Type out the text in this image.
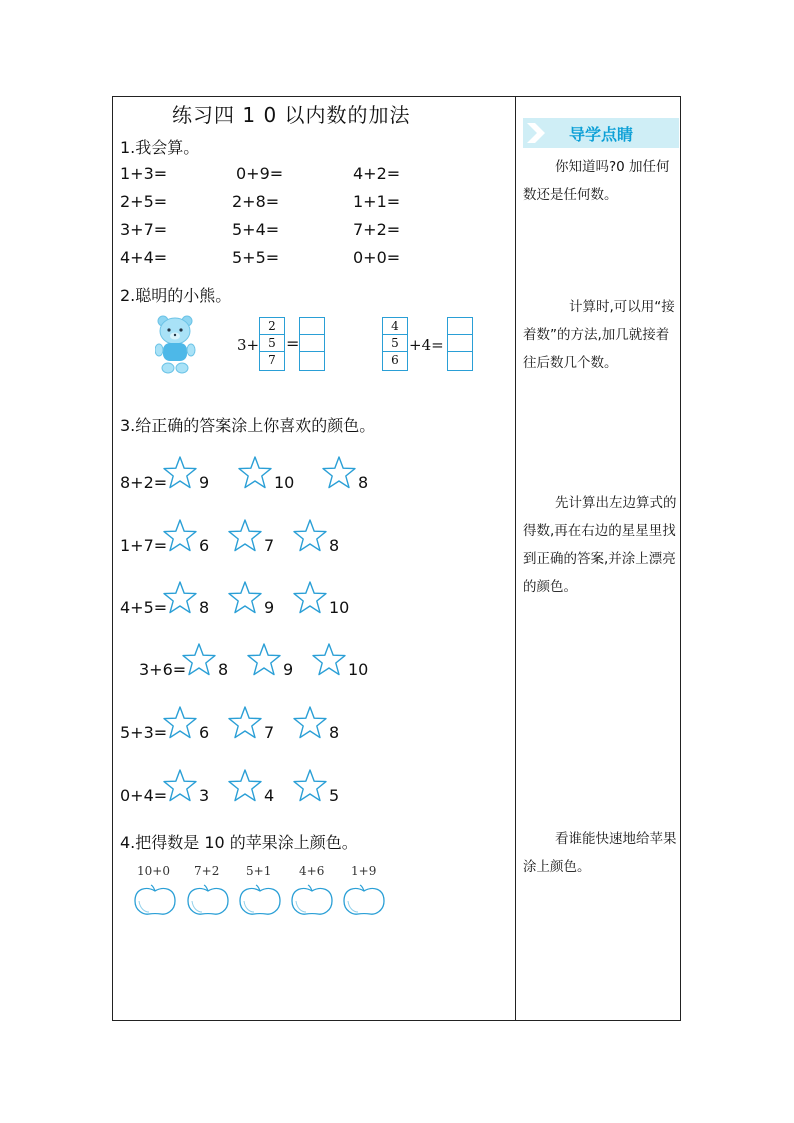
练习四 1 0 以内数的加法
1.我会算。
1+3=	0+9=	4+2=
2+5=	2+8=	1+1=
3+7=	5+4=	7+2=
4+4=	5+5=	0+0=
2.聪明的小熊。
3+
2
5
7
=
4
5
6
+4=
3.给正确的答案涂上你喜欢的颜色。
8+2= 9	10	8
1+7= 6	7	8
4+5= 8	9	10
3+6= 8	9	10
5+3= 6	7	8
0+4= 3	4	5
4.把得数是 10 的苹果涂上颜色。
10+0 7+2 5+1 4+6 1+9
导学点睛
你知道吗?0 加任何数还是任何数。
计算时,可以用“接着数”的方法,加几就接着往后数几个数。
先计算出左边算式的得数,再在右边的星星里找到正确的答案,并涂上漂亮的颜色。
看谁能快速地给苹果涂上颜色。
